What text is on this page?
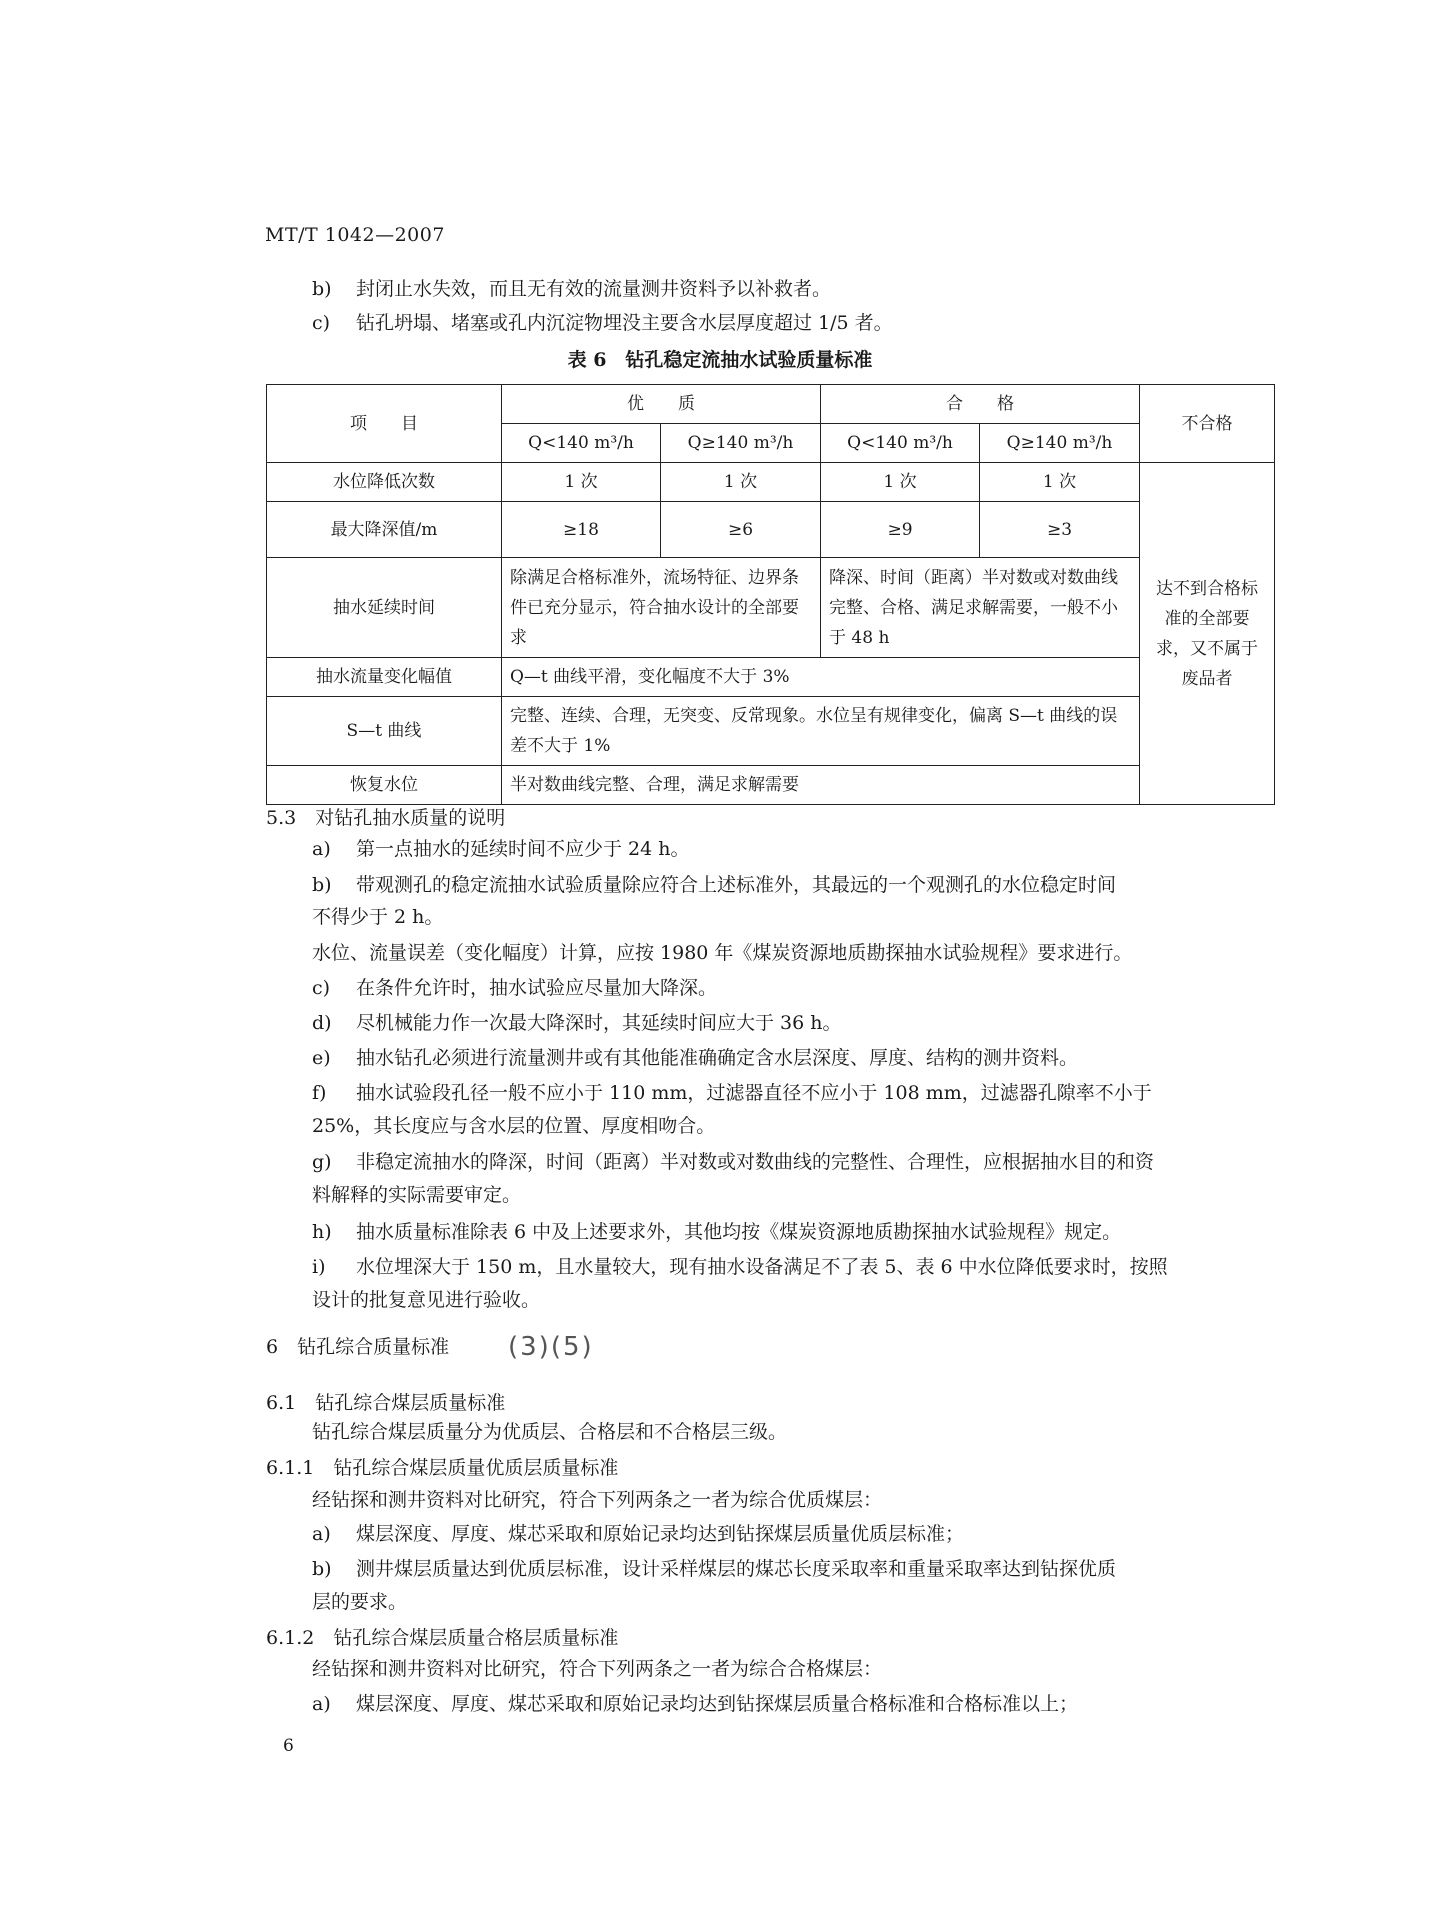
MT/T 1042—2007
b) 封闭止水失效，而且无有效的流量测井资料予以补救者。
c) 钻孔坍塌、堵塞或孔内沉淀物埋没主要含水层厚度超过 1/5 者。
表 6　钻孔稳定流抽水试验质量标准
项　　目	优　　质		合　　格		不合格
	Q<140 m³/h	Q≥140 m³/h	Q<140 m³/h	Q≥140 m³/h	
水位降低次数	1 次	1 次	1 次	1 次	达不到合格标准的全部要求，又不属于废品者
最大降深值/m	≥18	≥6	≥9	≥3	
抽水延续时间	除满足合格标准外，流场特征、边界条件已充分显示，符合抽水设计的全部要求		降深、时间（距离）半对数或对数曲线完整、合格、满足求解需要，一般不小于 48 h		
抽水流量变化幅值	Q—t 曲线平滑，变化幅度不大于 3%				
S—t 曲线	完整、连续、合理，无突变、反常现象。水位呈有规律变化，偏离 S—t 曲线的误差不大于 1%				
恢复水位	半对数曲线完整、合理，满足求解需要				
5.3　对钻孔抽水质量的说明
a) 第一点抽水的延续时间不应少于 24 h。
b) 带观测孔的稳定流抽水试验质量除应符合上述标准外，其最远的一个观测孔的水位稳定时间
不得少于 2 h。
水位、流量误差（变化幅度）计算，应按 1980 年《煤炭资源地质勘探抽水试验规程》要求进行。
c) 在条件允许时，抽水试验应尽量加大降深。
d) 尽机械能力作一次最大降深时，其延续时间应大于 36 h。
e) 抽水钻孔必须进行流量测井或有其他能准确确定含水层深度、厚度、结构的测井资料。
f) 抽水试验段孔径一般不应小于 110 mm，过滤器直径不应小于 108 mm，过滤器孔隙率不小于
25%，其长度应与含水层的位置、厚度相吻合。
g) 非稳定流抽水的降深，时间（距离）半对数或对数曲线的完整性、合理性，应根据抽水目的和资
料解释的实际需要审定。
h) 抽水质量标准除表 6 中及上述要求外，其他均按《煤炭资源地质勘探抽水试验规程》规定。
i) 水位埋深大于 150 m，且水量较大，现有抽水设备满足不了表 5、表 6 中水位降低要求时，按照
设计的批复意见进行验收。
6　钻孔综合质量标准 (3)(5)
6.1　钻孔综合煤层质量标准
钻孔综合煤层质量分为优质层、合格层和不合格层三级。
6.1.1　钻孔综合煤层质量优质层质量标准
经钻探和测井资料对比研究，符合下列两条之一者为综合优质煤层：
a) 煤层深度、厚度、煤芯采取和原始记录均达到钻探煤层质量优质层标准；
b) 测井煤层质量达到优质层标准，设计采样煤层的煤芯长度采取率和重量采取率达到钻探优质
层的要求。
6.1.2　钻孔综合煤层质量合格层质量标准
经钻探和测井资料对比研究，符合下列两条之一者为综合合格煤层：
a) 煤层深度、厚度、煤芯采取和原始记录均达到钻探煤层质量合格标准和合格标准以上；
6
